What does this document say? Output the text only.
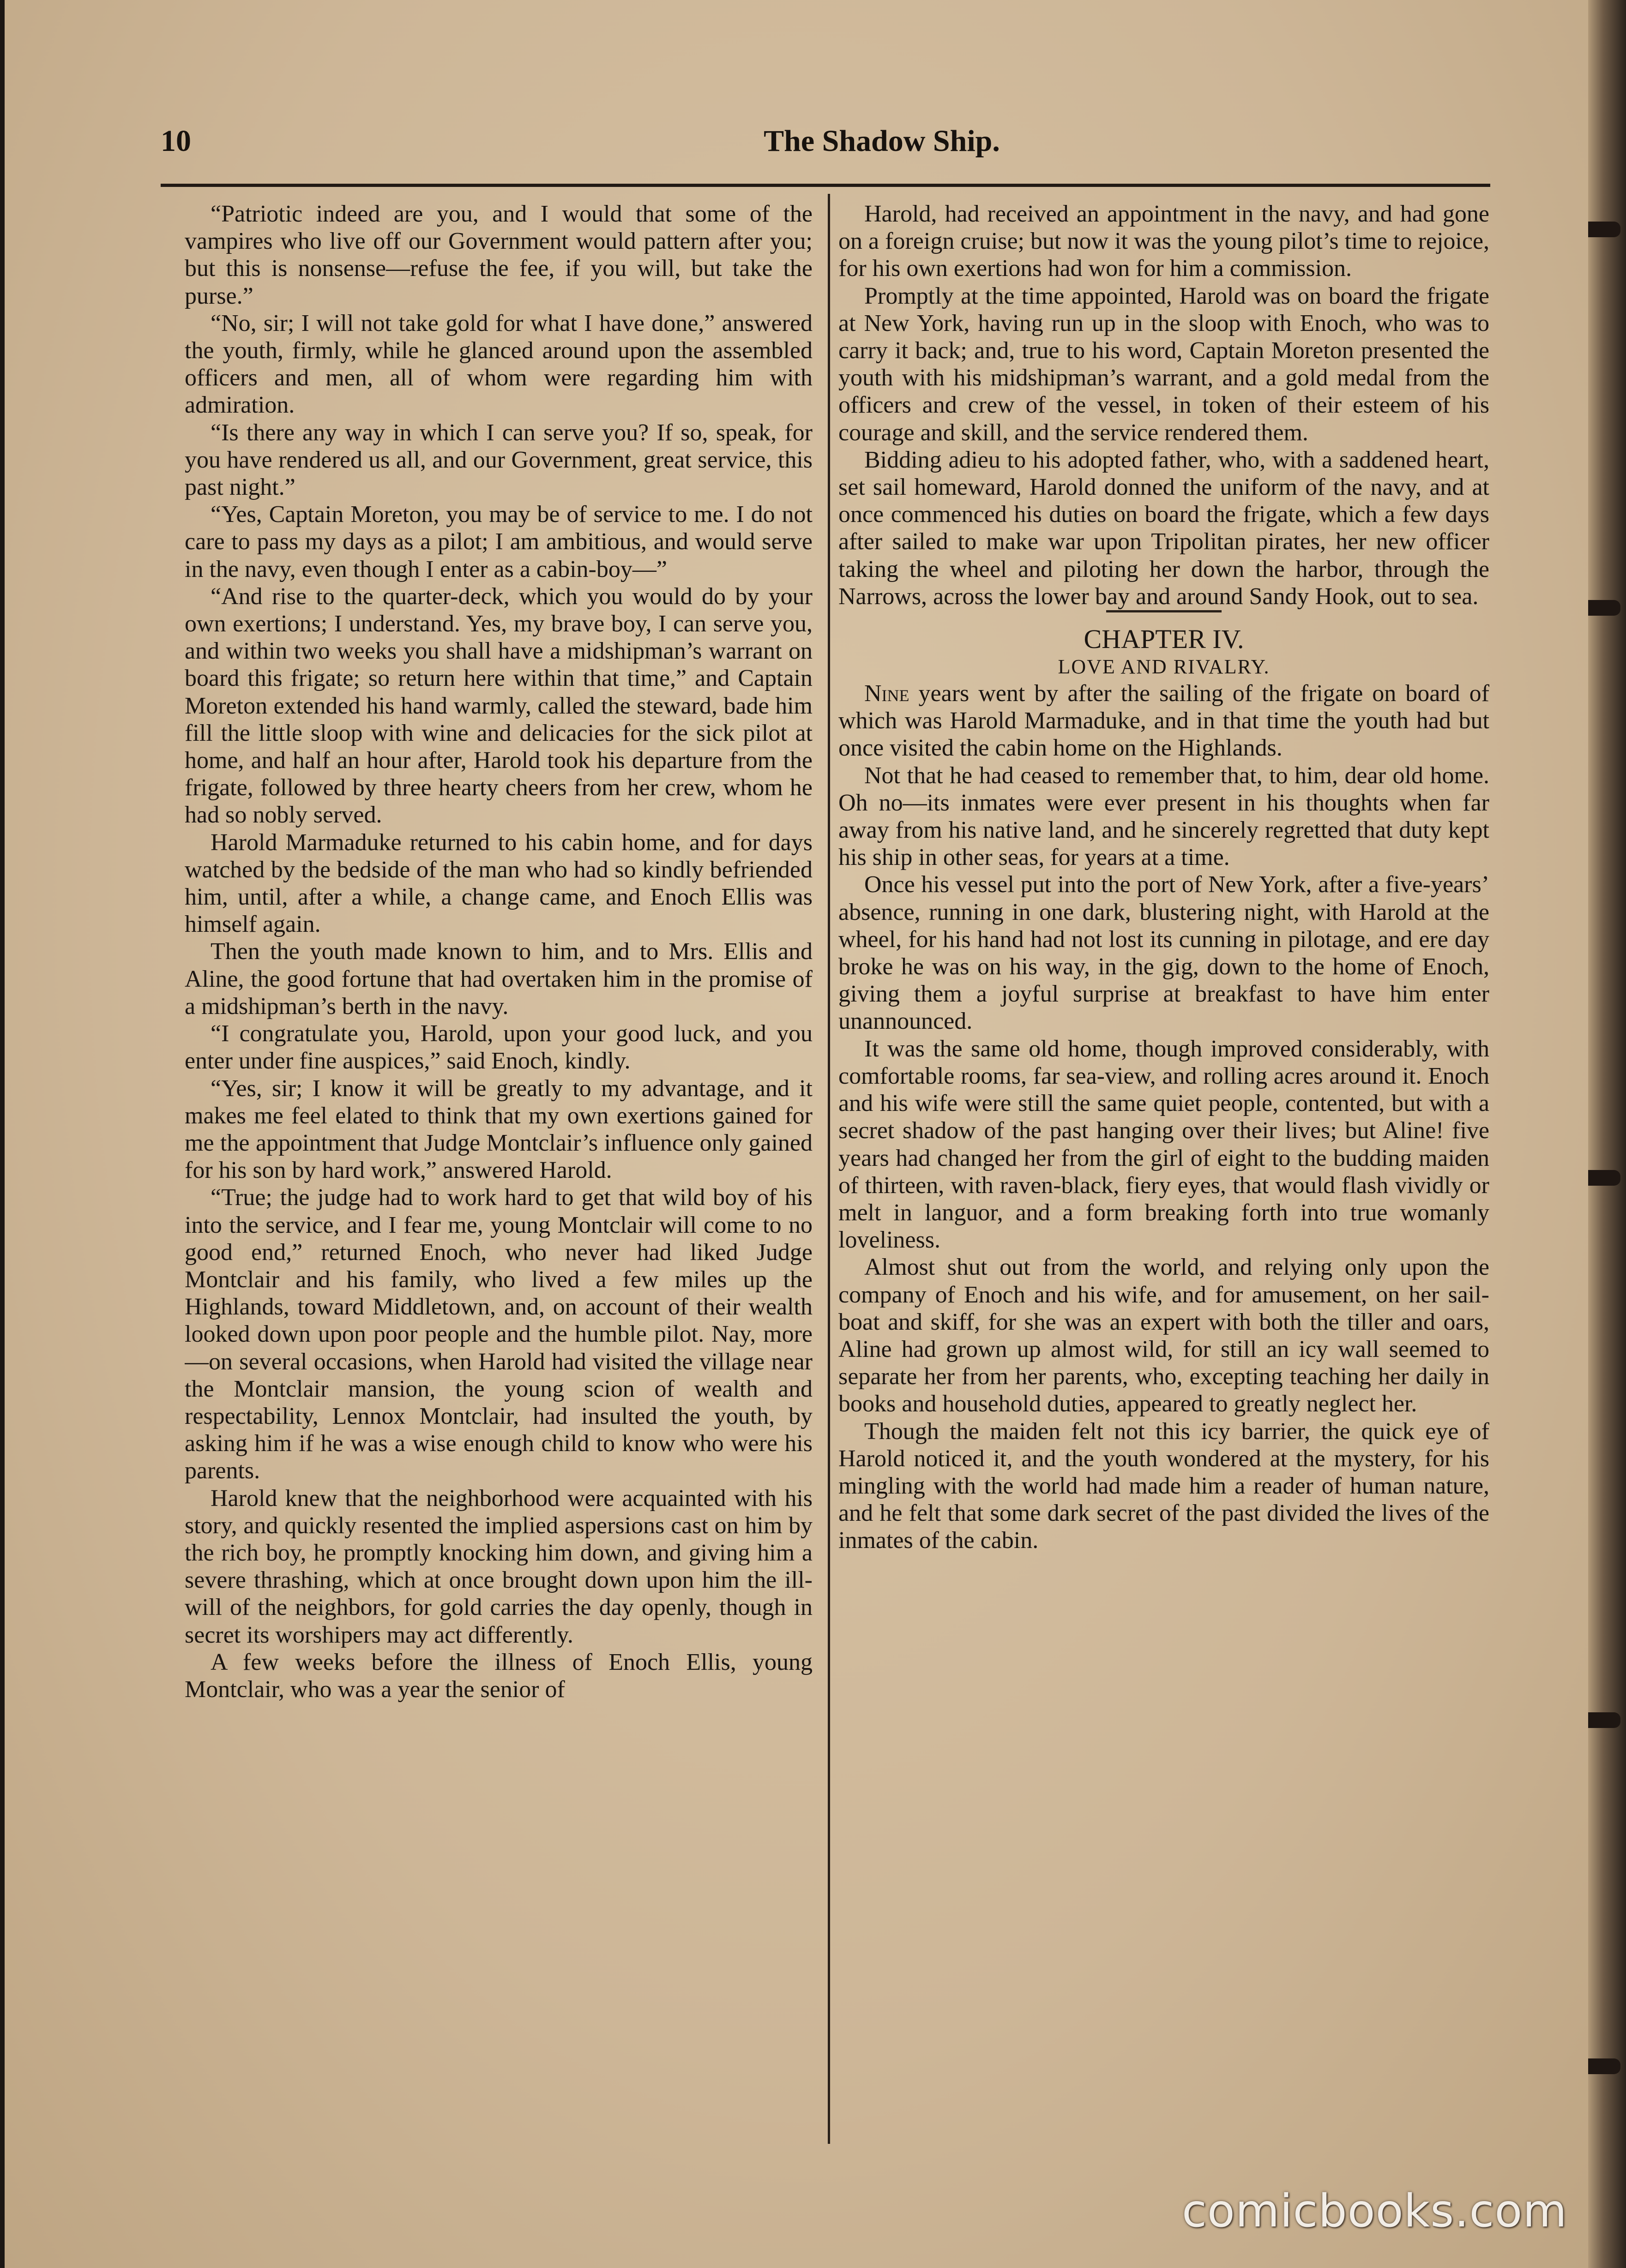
10	The Shadow Ship.

“Patriotic indeed are you, and I would that some of the vampires who live off our Government would pattern after you; but this is nonsense—refuse the fee, if you will, but take the purse.”

“No, sir; I will not take gold for what I have done,” answered the youth, firmly, while he glanced around upon the assembled officers and men, all of whom were regarding him with admiration.

“Is there any way in which I can serve you? If so, speak, for you have rendered us all, and our Government, great service, this past night.”

“Yes, Captain Moreton, you may be of service to me. I do not care to pass my days as a pilot; I am ambitious, and would serve in the navy, even though I enter as a cabin-boy—”

“And rise to the quarter-deck, which you would do by your own exertions; I understand. Yes, my brave boy, I can serve you, and within two weeks you shall have a midshipman’s warrant on board this frigate; so return here within that time,” and Captain Moreton extended his hand warmly, called the steward, bade him fill the little sloop with wine and delicacies for the sick pilot at home, and half an hour after, Harold took his departure from the frigate, followed by three hearty cheers from her crew, whom he had so nobly served.

Harold Marmaduke returned to his cabin home, and for days watched by the bedside of the man who had so kindly befriended him, until, after a while, a change came, and Enoch Ellis was himself again.

Then the youth made known to him, and to Mrs. Ellis and Aline, the good fortune that had overtaken him in the promise of a midshipman’s berth in the navy.

“I congratulate you, Harold, upon your good luck, and you enter under fine auspices,” said Enoch, kindly.

“Yes, sir; I know it will be greatly to my advantage, and it makes me feel elated to think that my own exertions gained for me the appointment that Judge Montclair’s influence only gained for his son by hard work,” answered Harold.

“True; the judge had to work hard to get that wild boy of his into the service, and I fear me, young Montclair will come to no good end,” returned Enoch, who never had liked Judge Montclair and his family, who lived a few miles up the Highlands, toward Middletown, and, on account of their wealth looked down upon poor people and the humble pilot. Nay, more—on several occasions, when Harold had visited the village near the Montclair mansion, the young scion of wealth and respectability, Lennox Montclair, had insulted the youth, by asking him if he was a wise enough child to know who were his parents.

Harold knew that the neighborhood were acquainted with his story, and quickly resented the implied aspersions cast on him by the rich boy, he promptly knocking him down, and giving him a severe thrashing, which at once brought down upon him the ill-will of the neighbors, for gold carries the day openly, though in secret its worshipers may act differently.

A few weeks before the illness of Enoch Ellis, young Montclair, who was a year the senior of

Harold, had received an appointment in the navy, and had gone on a foreign cruise; but now it was the young pilot’s time to rejoice, for his own exertions had won for him a commission.

Promptly at the time appointed, Harold was on board the frigate at New York, having run up in the sloop with Enoch, who was to carry it back; and, true to his word, Captain Moreton presented the youth with his midshipman’s warrant, and a gold medal from the officers and crew of the vessel, in token of their esteem of his courage and skill, and the service rendered them.

Bidding adieu to his adopted father, who, with a saddened heart, set sail homeward, Harold donned the uniform of the navy, and at once commenced his duties on board the frigate, which a few days after sailed to make war upon Tripolitan pirates, her new officer taking the wheel and piloting her down the harbor, through the Narrows, across the lower bay and around Sandy Hook, out to sea.

CHAPTER IV.
LOVE AND RIVALRY.

Nine years went by after the sailing of the frigate on board of which was Harold Marmaduke, and in that time the youth had but once visited the cabin home on the Highlands.

Not that he had ceased to remember that, to him, dear old home. Oh no—its inmates were ever present in his thoughts when far away from his native land, and he sincerely regretted that duty kept his ship in other seas, for years at a time.

Once his vessel put into the port of New York, after a five-years’ absence, running in one dark, blustering night, with Harold at the wheel, for his hand had not lost its cunning in pilotage, and ere day broke he was on his way, in the gig, down to the home of Enoch, giving them a joyful surprise at breakfast to have him enter unannounced.

It was the same old home, though improved considerably, with comfortable rooms, far sea-view, and rolling acres around it. Enoch and his wife were still the same quiet people, contented, but with a secret shadow of the past hanging over their lives; but Aline! five years had changed her from the girl of eight to the budding maiden of thirteen, with raven-black, fiery eyes, that would flash vividly or melt in languor, and a form breaking forth into true womanly loveliness.

Almost shut out from the world, and relying only upon the company of Enoch and his wife, and for amusement, on her sail-boat and skiff, for she was an expert with both the tiller and oars, Aline had grown up almost wild, for still an icy wall seemed to separate her from her parents, who, excepting teaching her daily in books and household duties, appeared to greatly neglect her.

Though the maiden felt not this icy barrier, the quick eye of Harold noticed it, and the youth wondered at the mystery, for his mingling with the world had made him a reader of human nature, and he felt that some dark secret of the past divided the lives of the inmates of the cabin.

comicbooks.com
